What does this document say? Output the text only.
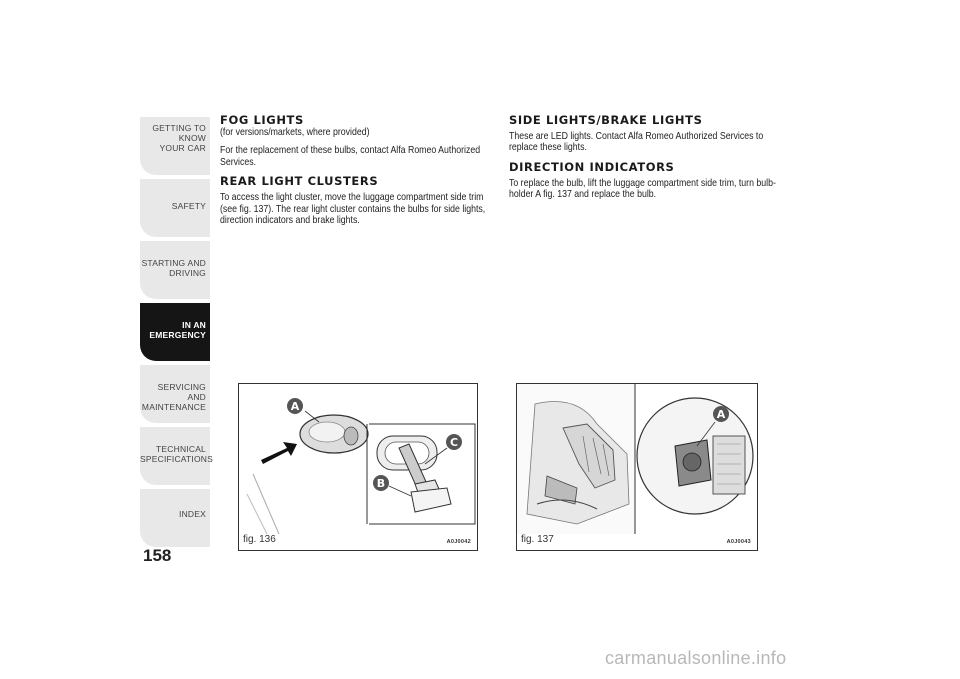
GETTING TO KNOW
YOUR CAR
SAFETY
STARTING AND
DRIVING
IN AN
EMERGENCY
SERVICING AND
MAINTENANCE
TECHNICAL
SPECIFICATIONS
INDEX
158
FOG LIGHTS

(for versions/markets, where provided)

For the replacement of these bulbs, contact Alfa Romeo Authorized Services.

REAR LIGHT CLUSTERS

To access the light cluster, move the luggage compartment side trim (see fig. 137). The rear light cluster contains the bulbs for side lights, direction indicators and brake lights.

SIDE LIGHTS/BRAKE LIGHTS

These are LED lights. Contact Alfa Romeo Authorized Services to replace these lights.

DIRECTION INDICATORS

To replace the bulb, lift the luggage compartment side trim, turn bulb-holder A fig. 137 and replace the bulb.

A
C
B
fig. 136	A0J0042
A
fig. 137	A0J0043
carmanualsonline.info
